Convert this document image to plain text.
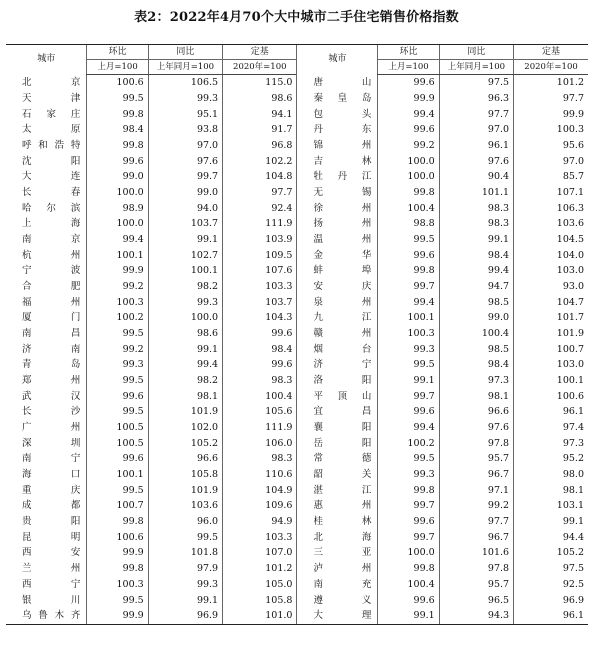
表2：2022年4月70个大中城市二手住宅销售价格指数
城市	环比	同比	定基	城市	环比	同比	定基
	上月=100	上年同月=100	2020年=100		上月=100	上年同月=100	2020年=100
北　京	100.6	106.5	115.0	唐　山	99.6	97.5	101.2
天　津	99.5	99.3	98.6	秦皇岛	99.9	96.3	97.7
石家庄	99.8	95.1	94.1	包　头	99.4	97.7	99.9
太　原	98.4	93.8	91.7	丹　东	99.6	97.0	100.3
呼和浩特	99.8	97.0	96.8	锦　州	99.2	96.1	95.6
沈　阳	99.6	97.6	102.2	吉　林	100.0	97.6	97.0
大　连	99.0	99.7	104.8	牡丹江	100.0	90.4	85.7
长　春	100.0	99.0	97.7	无　锡	99.8	101.1	107.1
哈尔滨	98.9	94.0	92.4	徐　州	100.4	98.3	106.3
上　海	100.0	103.7	111.9	扬　州	98.8	98.3	103.6
南　京	99.4	99.1	103.9	温　州	99.5	99.1	104.5
杭　州	100.1	102.7	109.5	金　华	99.6	98.4	104.0
宁　波	99.9	100.1	107.6	蚌　埠	99.8	99.4	103.0
合　肥	99.2	98.2	103.3	安　庆	99.7	94.7	93.0
福　州	100.3	99.3	103.7	泉　州	99.4	98.5	104.7
厦　门	100.2	100.0	104.3	九　江	100.1	99.0	101.7
南　昌	99.5	98.6	99.6	赣　州	100.3	100.4	101.9
济　南	99.2	99.1	98.4	烟　台	99.3	98.5	100.7
青　岛	99.3	99.4	99.6	济　宁	99.5	98.4	103.0
郑　州	99.5	98.2	98.3	洛　阳	99.1	97.3	100.1
武　汉	99.6	98.1	100.4	平顶山	99.7	98.1	100.6
长　沙	99.5	101.9	105.6	宜　昌	99.6	96.6	96.1
广　州	100.5	102.0	111.9	襄　阳	99.4	97.6	97.4
深　圳	100.5	105.2	106.0	岳　阳	100.2	97.8	97.3
南　宁	99.6	96.6	98.3	常　德	99.5	95.7	95.2
海　口	100.1	105.8	110.6	韶　关	99.3	96.7	98.0
重　庆	99.5	101.9	104.9	湛　江	99.8	97.1	98.1
成　都	100.7	103.6	109.6	惠　州	99.7	99.2	103.1
贵　阳	99.8	96.0	94.9	桂　林	99.6	97.7	99.1
昆　明	100.6	99.5	103.3	北　海	99.7	96.7	94.4
西　安	99.9	101.8	107.0	三　亚	100.0	101.6	105.2
兰　州	99.8	97.9	101.2	泸　州	99.8	97.8	97.5
西　宁	100.3	99.3	105.0	南　充	100.4	95.7	92.5
银　川	99.5	99.1	105.8	遵　义	99.6	96.5	96.9
乌鲁木齐	99.9	96.9	101.0	大　理	99.1	94.3	96.1
